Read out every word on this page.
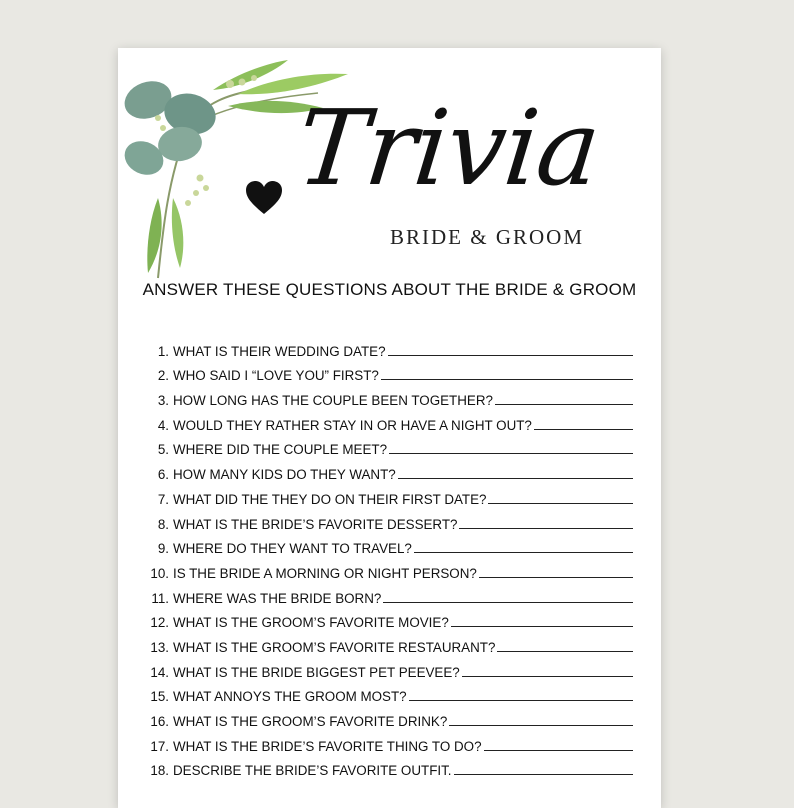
Trivia
BRIDE & GROOM
ANSWER THESE QUESTIONS ABOUT THE BRIDE & GROOM
1. WHAT IS THEIR WEDDING DATE?
2. WHO SAID I “LOVE YOU” FIRST?
3. HOW LONG HAS THE COUPLE BEEN TOGETHER?
4. WOULD THEY RATHER STAY IN OR HAVE A NIGHT OUT?
5. WHERE DID THE COUPLE MEET?
6. HOW MANY KIDS DO THEY WANT?
7. WHAT DID THE THEY DO ON THEIR FIRST DATE?
8. WHAT IS THE BRIDE’S FAVORITE DESSERT?
9. WHERE DO THEY WANT TO TRAVEL?
10. IS THE BRIDE A MORNING OR NIGHT PERSON?
11. WHERE WAS THE BRIDE BORN?
12. WHAT IS THE GROOM’S FAVORITE MOVIE?
13. WHAT IS THE GROOM’S FAVORITE RESTAURANT?
14. WHAT IS THE BRIDE BIGGEST PET PEEVEE?
15. WHAT ANNOYS THE GROOM MOST?
16. WHAT IS THE GROOM’S FAVORITE DRINK?
17. WHAT IS THE BRIDE’S FAVORITE THING TO DO?
18. DESCRIBE THE BRIDE’S FAVORITE OUTFIT.
